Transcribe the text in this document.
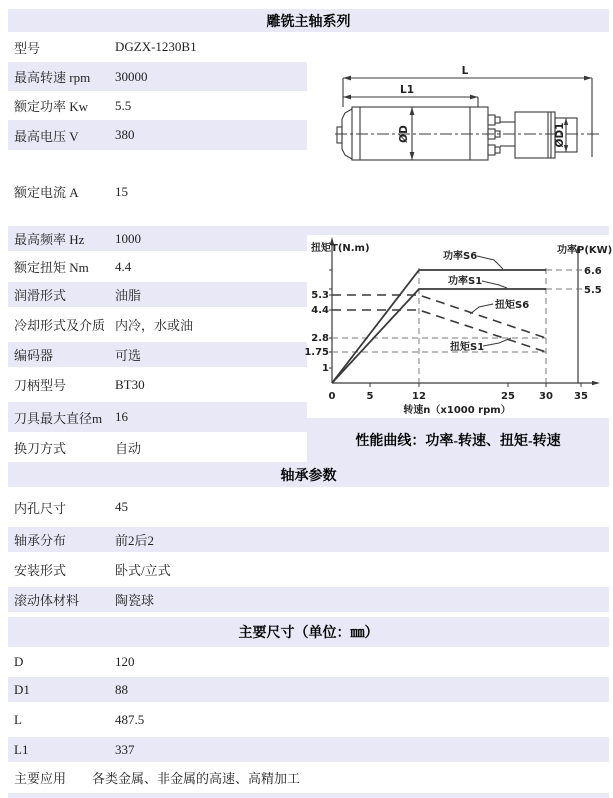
雕铣主轴系列
型号	DGZX-1230B1
最高转速 rpm 30000
额定功率 Kw 5.5
最高电压 V	380
额定电流 A	15
最高频率 Hz 1000
额定扭矩 Nm 4.4
润滑形式	油脂
冷却形式及介质 内冷，水或油
编码器	可选
刀柄型号	BT30
刀具最大直径m 16
换刀方式	自动
轴承参数
内孔尺寸	45
轴承分布	前2后2
安装形式	卧式/立式
滚动体材料	陶瓷球
主要尺寸（单位：㎜）
D	120
D1	88
L	487.5
L1	337
主要应用 各类金属、非金属的高速、高精加工
L
L1
ØD	ØD1
扭矩T(N.m)	功率P(KW)
5.3
4.4
2.8
1.75
1
6.6
5.5
0	5	12	25 30 35
转速n（x1000 rpm）
功率S6
功率S1
扭矩S6
扭矩S1
性能曲线：功率-转速、扭矩-转速
